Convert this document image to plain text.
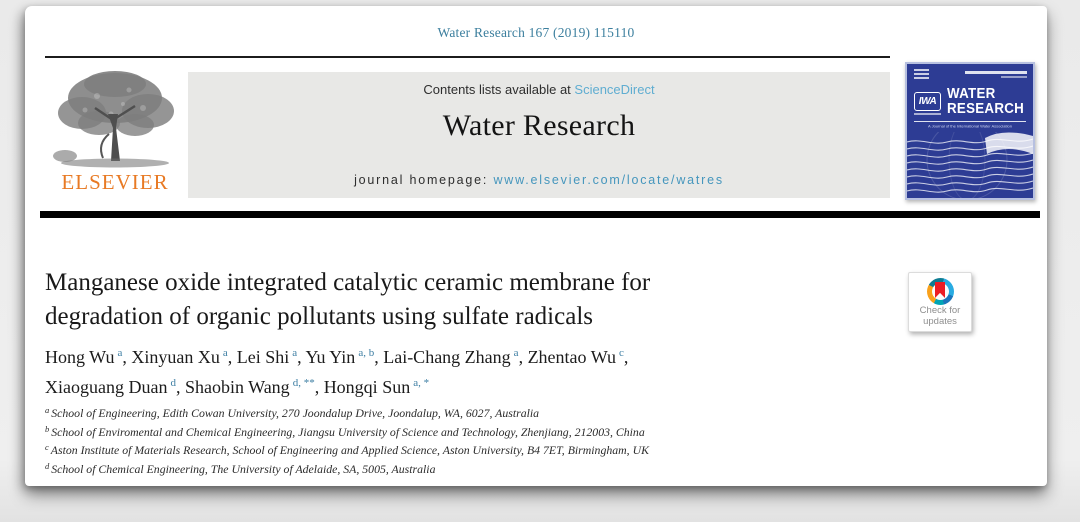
Water Research 167 (2019) 115110
ELSEVIER
Contents lists available at ScienceDirect
Water Research
journal homepage: www.elsevier.com/locate/watres
IWA WATER
RESEARCH
A Journal of the International Water Association
Manganese oxide integrated catalytic ceramic membrane for
degradation of organic pollutants using sulfate radicals
Hong Wu $^a$, Xinyuan Xu $^a$, Lei Shi $^a$, Yu Yin $^{a, b}$, Lai-Chang Zhang $^a$, Zhentao Wu $^c$,
Xiaoguang Duan $^d$, Shaobin Wang $^{d, **}$, Hongqi Sun $^{a, *}$
$^a$ School of Engineering, Edith Cowan University, 270 Joondalup Drive, Joondalup, WA, 6027, Australia
$^b$ School of Enviromental and Chemical Engineering, Jiangsu University of Science and Technology, Zhenjiang, 212003, China
$^c$ Aston Institute of Materials Research, School of Engineering and Applied Science, Aston University, B4 7ET, Birmingham, UK
$^d$ School of Chemical Engineering, The University of Adelaide, SA, 5005, Australia
Check for
updates
